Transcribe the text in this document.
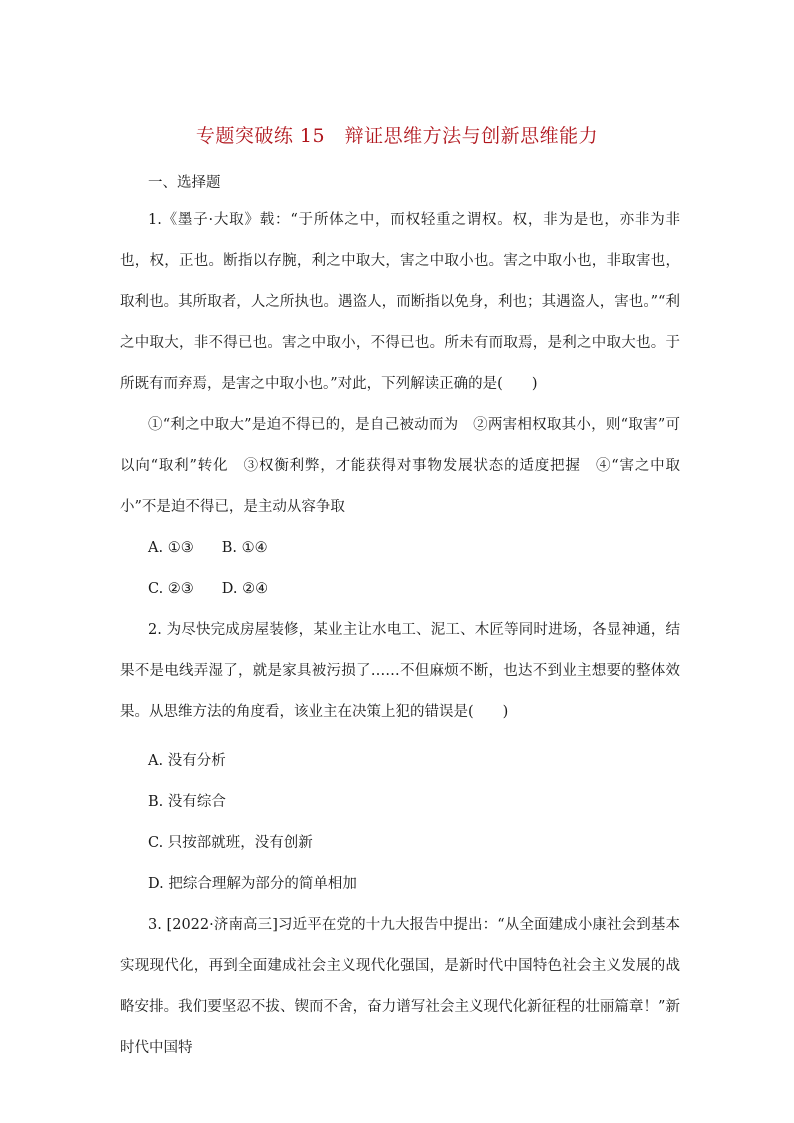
专题突破练 15　辩证思维方法与创新思维能力
一、选择题

1.《墨子·大取》载：“于所体之中，而权轻重之谓权。权，非为是也，亦非为非也，权，正也。断指以存腕，利之中取大，害之中取小也。害之中取小也，非取害也，取利也。其所取者，人之所执也。遇盗人，而断指以免身，利也；其遇盗人，害也。”“利之中取大，非不得已也。害之中取小，不得已也。所未有而取焉，是利之中取大也。于所既有而弃焉，是害之中取小也。”对此，下列解读正确的是(　　)

①“利之中取大”是迫不得已的，是自己被动而为　②两害相权取其小，则“取害”可以向“取利”转化　③权衡利弊，才能获得对事物发展状态的适度把握　④“害之中取小”不是迫不得已，是主动从容争取

A. ①③ B. ①④

C. ②③ D. ②④

2. 为尽快完成房屋装修，某业主让水电工、泥工、木匠等同时进场，各显神通，结果不是电线弄湿了，就是家具被污损了……不但麻烦不断，也达不到业主想要的整体效果。从思维方法的角度看，该业主在决策上犯的错误是(　　)

A. 没有分析

B. 没有综合

C. 只按部就班，没有创新

D. 把综合理解为部分的简单相加

3. [2022·济南高三]习近平在党的十九大报告中提出：“从全面建成小康社会到基本实现现代化，再到全面建成社会主义现代化强国，是新时代中国特色社会主义发展的战略安排。我们要坚忍不拔、锲而不舍，奋力谱写社会主义现代化新征程的壮丽篇章！”新时代中国特
